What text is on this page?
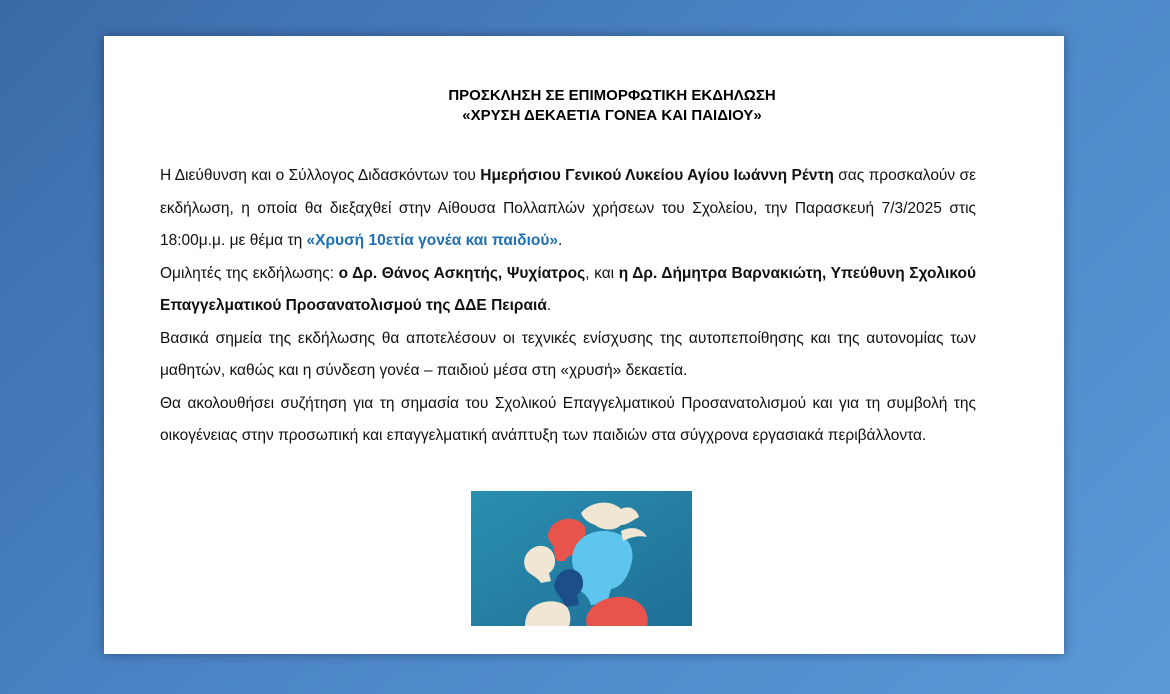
ΠΡΟΣΚΛΗΣΗ ΣΕ ΕΠΙΜΟΡΦΩΤΙΚΗ ΕΚΔΗΛΩΣΗ
«ΧΡΥΣΗ ΔΕΚΑΕΤΙΑ ΓΟΝΕΑ ΚΑΙ ΠΑΙΔΙΟΥ»

Η Διεύθυνση και ο Σύλλογος Διδασκόντων του Ημερήσιου Γενικού Λυκείου Αγίου Ιωάννη Ρέντη σας προσκαλούν σε εκδήλωση, η οποία θα διεξαχθεί στην Αίθουσα Πολλαπλών χρήσεων του Σχολείου, την Παρασκευή 7/3/2025 στις 18:00μ.μ. με θέμα τη «Χρυσή 10ετία γονέα και παιδιού».
Ομιλητές της εκδήλωσης: ο Δρ. Θάνος Ασκητής, Ψυχίατρος, και η Δρ. Δήμητρα Βαρνακιώτη, Υπεύθυνη Σχολικού Επαγγελματικού Προσανατολισμού της ΔΔΕ Πειραιά.

Βασικά σημεία της εκδήλωσης θα αποτελέσουν οι τεχνικές ενίσχυσης της αυτοπεποίθησης και της αυτονομίας των μαθητών, καθώς και η σύνδεση γονέα – παιδιού μέσα στη «χρυσή» δεκαετία.

Θα ακολουθήσει συζήτηση για τη σημασία του Σχολικού Επαγγελματικού Προσανατολισμού και για τη συμβολή της οικογένειας στην προσωπική και επαγγελματική ανάπτυξη των παιδιών στα σύγχρονα εργασιακά περιβάλλοντα.
